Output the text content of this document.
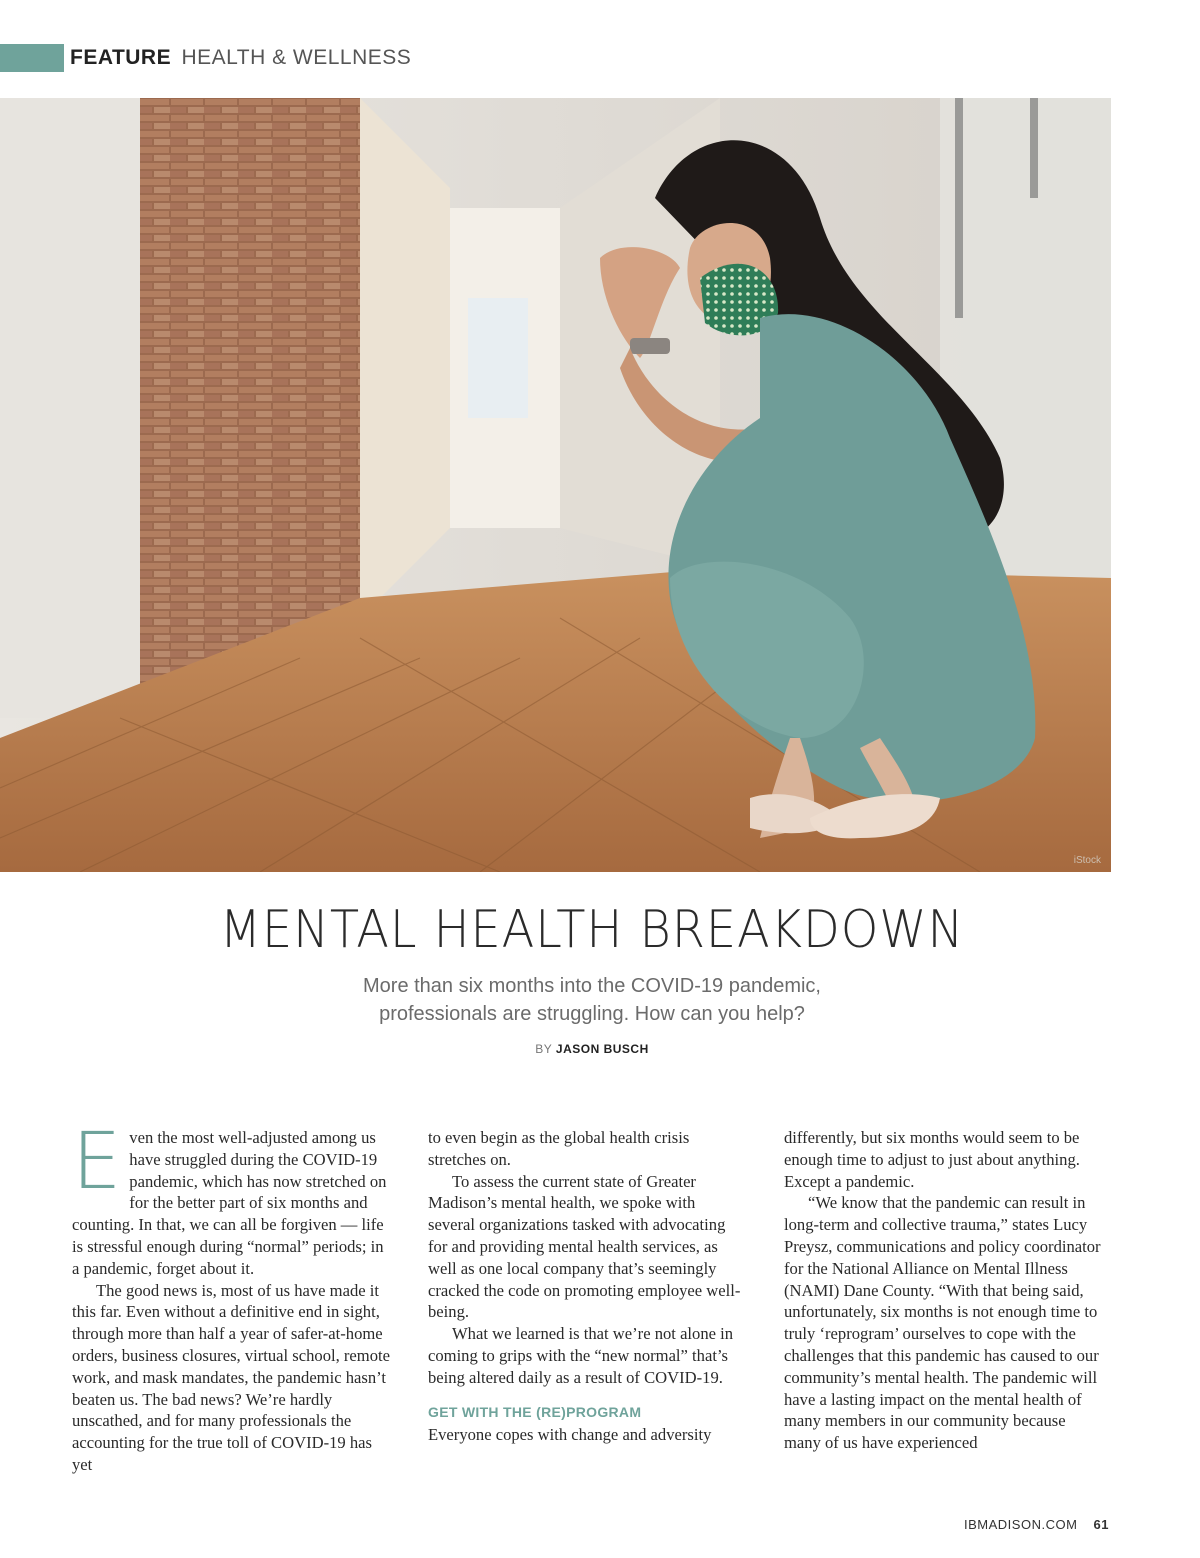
FEATURE HEALTH & WELLNESS
iStock
MENTAL HEALTH BREAKDOWN
More than six months into the COVID-19 pandemic,
professionals are struggling. How can you help?
BY JASON BUSCH

Even the most well-adjusted among us have struggled during the COVID-19 pandemic, which has now stretched on for the better part of six months and counting. In that, we can all be forgiven — life is stressful enough during “normal” periods; in a pandemic, forget about it.

The good news is, most of us have made it this far. Even without a definitive end in sight, through more than half a year of safer-at-home orders, business closures, virtual school, remote work, and mask mandates, the pandemic hasn’t beaten us. The bad news? We’re hardly unscathed, and for many professionals the accounting for the true toll of COVID-19 has yet

to even begin as the global health crisis stretches on.

To assess the current state of Greater Madison’s mental health, we spoke with several organizations tasked with advocating for and providing mental health services, as well as one local company that’s seemingly cracked the code on promoting employee well-being.

What we learned is that we’re not alone in coming to grips with the “new normal” that’s being altered daily as a result of COVID-19.

GET WITH THE (RE)PROGRAM

Everyone copes with change and adversity

differently, but six months would seem to be enough time to adjust to just about anything. Except a pandemic.

“We know that the pandemic can result in long-term and collective trauma,” states Lucy Preysz, communications and policy coordinator for the National Alliance on Mental Illness (NAMI) Dane County. “With that being said, unfortunately, six months is not enough time to truly ‘reprogram’ ourselves to cope with the challenges that this pandemic has caused to our community’s mental health. The pandemic will have a lasting impact on the mental health of many members in our community because many of us have experienced

IBMADISON.COM 61
